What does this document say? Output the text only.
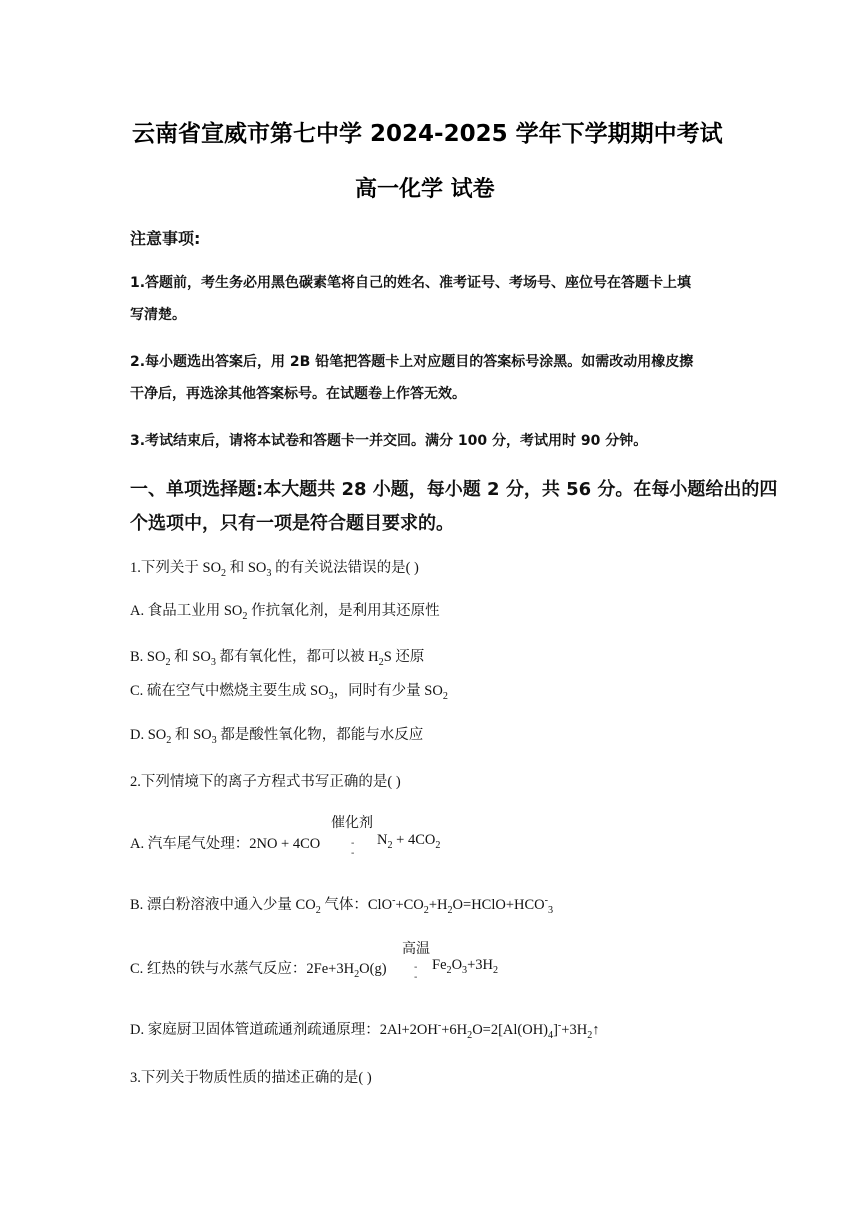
云南省宣威市第七中学 2024-2025 学年下学期期中考试
高一化学 试卷
注意事项:
1.答题前，考生务必用黑色碳素笔将自己的姓名、准考证号、考场号、座位号在答题卡上填
写清楚。
2.每小题选出答案后，用 2B 铅笔把答题卡上对应题目的答案标号涂黑。如需改动用橡皮擦
干净后，再选涂其他答案标号。在试题卷上作答无效。
3.考试结束后，请将本试卷和答题卡一并交回。满分 100 分，考试用时 90 分钟。
一、单项选择题:本大题共 28 小题，每小题 2 分，共 56 分。在每小题给出的四
个选项中，只有一项是符合题目要求的。
1.下列关于 $SO_2$ 和 $SO_3$ 的有关说法错误的是( )
A. 食品工业用 $SO_2$ 作抗氧化剂，是利用其还原性
B. $SO_2$ 和 $SO_3$ 都有氧化性，都可以被 $H_2S$ 还原
C. 硫在空气中燃烧主要生成 $SO_3$，同时有少量 $SO_2$
D. $SO_2$ 和 $SO_3$ 都是酸性氧化物，都能与水反应
2.下列情境下的离子方程式书写正确的是( )
催化剂
A. 汽车尾气处理：2NO + 4CO	-
-
$N_2 + 4CO_2$
B. 漂白粉溶液中通入少量 $CO_2$ 气体：$ClO^-+CO_2+H_2O=HClO+HCO^-_3$
高温
C. 红热的铁与水蒸气反应：$2Fe+3H_2O(g)$	-
-
$Fe_2O_3+3H_2$
D. 家庭厨卫固体管道疏通剂疏通原理：$2Al+2OH^-+6H_2O=2[Al(OH)_4]^-+3H_2↑$
3.下列关于物质性质的描述正确的是( )
